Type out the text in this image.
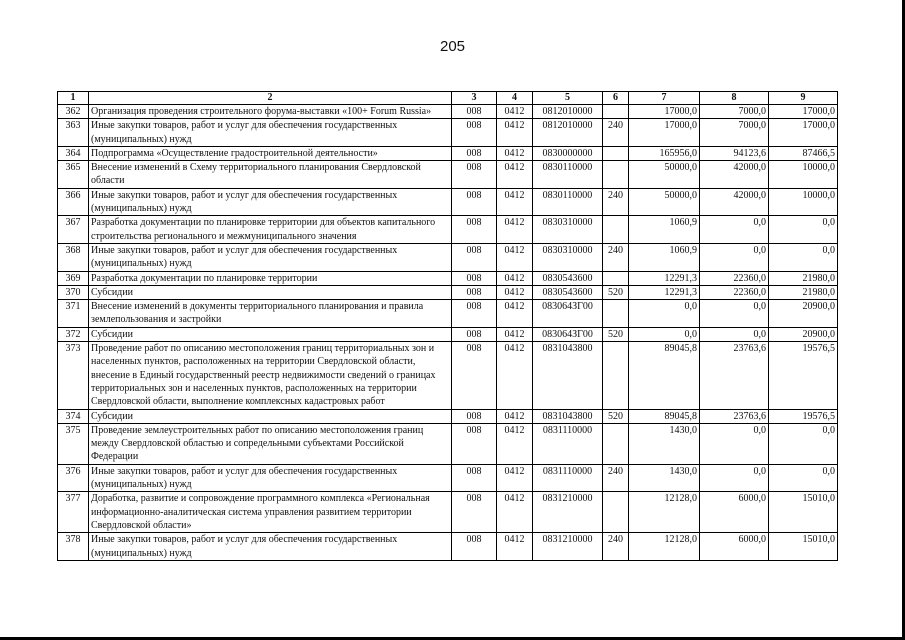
205
1	2	3	4	5	6	7	8	9
362	Организация проведения строительного форума-выставки «100+ Forum Russia»	008	0412	0812010000		17000,0	7000,0	17000,0
363	Иные закупки товаров, работ и услуг для обеспечения государственных (муниципальных) нужд	008	0412	0812010000	240	17000,0	7000,0	17000,0
364	Подпрограмма «Осуществление градостроительной деятельности»	008	0412	0830000000		165956,0	94123,6	87466,5
365	Внесение изменений в Схему территориального планирования Свердловской области	008	0412	0830110000		50000,0	42000,0	10000,0
366	Иные закупки товаров, работ и услуг для обеспечения государственных (муниципальных) нужд	008	0412	0830110000	240	50000,0	42000,0	10000,0
367	Разработка документации по планировке территории для объектов капитального строительства регионального и межмуниципального значения	008	0412	0830310000		1060,9	0,0	0,0
368	Иные закупки товаров, работ и услуг для обеспечения государственных (муниципальных) нужд	008	0412	0830310000	240	1060,9	0,0	0,0
369	Разработка документации по планировке территории	008	0412	0830543600		12291,3	22360,0	21980,0
370	Субсидии	008	0412	0830543600	520	12291,3	22360,0	21980,0
371	Внесение изменений в документы территориального планирования и правила землепользования и застройки	008	0412	083064ЗГ00		0,0	0,0	20900,0
372	Субсидии	008	0412	083064ЗГ00	520	0,0	0,0	20900,0
373	Проведение работ по описанию местоположения границ территориальных зон и населенных пунктов, расположенных на территории Свердловской области, внесение в Единый государственный реестр недвижимости сведений о границах территориальных зон и населенных пунктов, расположенных на территории Свердловской области, выполнение комплексных кадастровых работ	008	0412	0831043800		89045,8	23763,6	19576,5
374	Субсидии	008	0412	0831043800	520	89045,8	23763,6	19576,5
375	Проведение землеустроительных работ по описанию местоположения границ между Свердловской областью и сопредельными субъектами Российской Федерации	008	0412	0831110000		1430,0	0,0	0,0
376	Иные закупки товаров, работ и услуг для обеспечения государственных (муниципальных) нужд	008	0412	0831110000	240	1430,0	0,0	0,0
377	Доработка, развитие и сопровождение программного комплекса «Региональная информационно-аналитическая система управления развитием территории Свердловской области»	008	0412	0831210000		12128,0	6000,0	15010,0
378	Иные закупки товаров, работ и услуг для обеспечения государственных (муниципальных) нужд	008	0412	0831210000	240	12128,0	6000,0	15010,0
